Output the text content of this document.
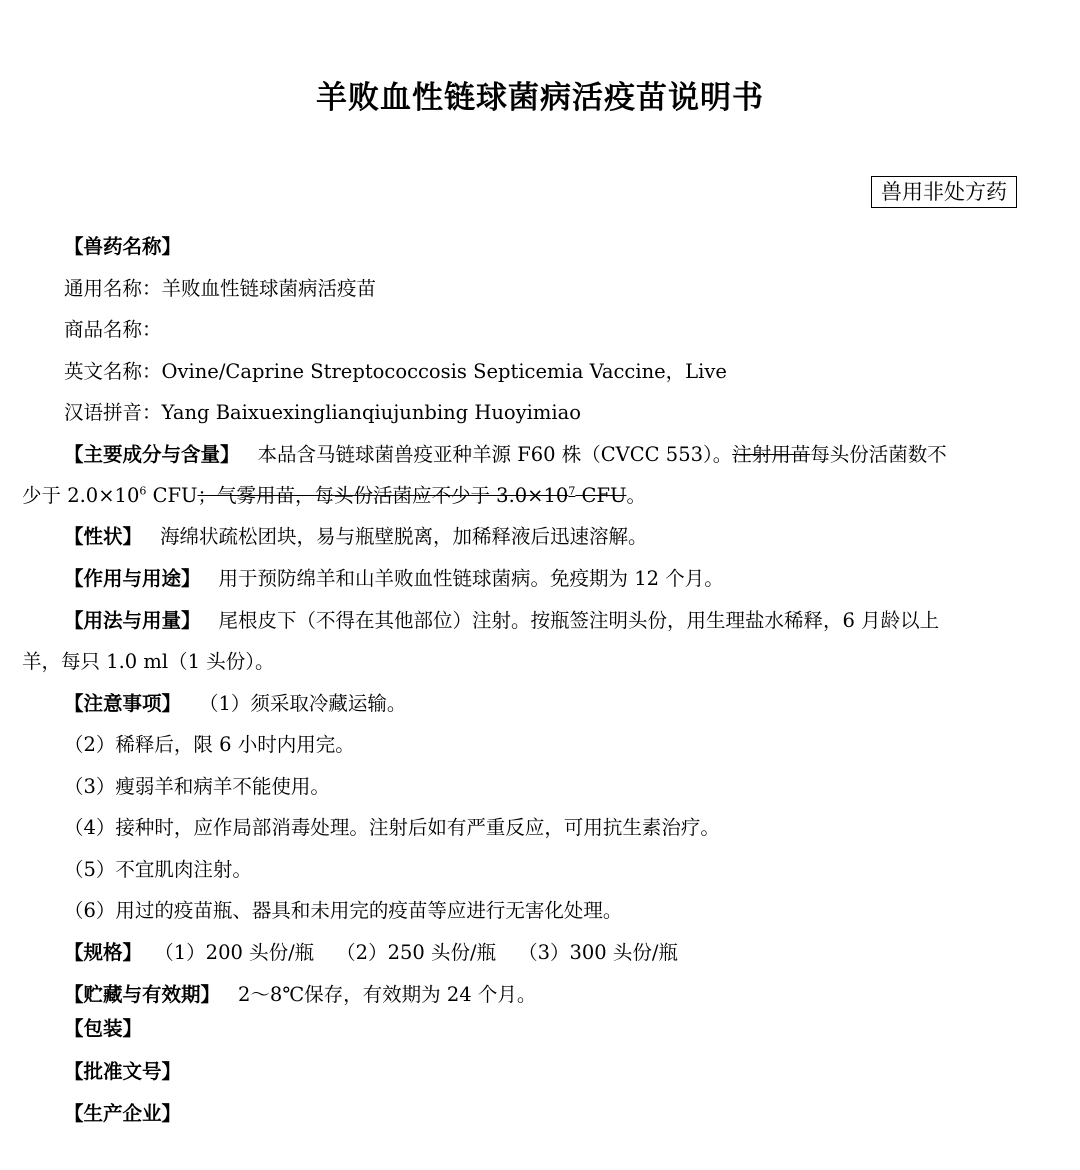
羊败血性链球菌病活疫苗说明书
兽用非处方药
【兽药名称】
通用名称：羊败血性链球菌病活疫苗
商品名称：
英文名称：Ovine/Caprine Streptococcosis Septicemia Vaccine，Live
汉语拼音：Yang Baixuexinglianqiujunbing Huoyimiao
【主要成分与含量】 本品含马链球菌兽疫亚种羊源 F60 株（CVCC 553）。注射用苗每头份活菌数不
少于 $2.0\times 10^6$ CFU；气雾用苗，每头份活菌应不少于 $3.0\times 10^7$ CFU。
【性状】 海绵状疏松团块，易与瓶壁脱离，加稀释液后迅速溶解。
【作用与用途】 用于预防绵羊和山羊败血性链球菌病。免疫期为 12 个月。
【用法与用量】 尾根皮下（不得在其他部位）注射。按瓶签注明头份，用生理盐水稀释，6 月龄以上
羊，每只 1.0 ml（1 头份）。
【注意事项】 （1）须采取冷藏运输。
（2）稀释后，限 6 小时内用完。
（3）瘦弱羊和病羊不能使用。
（4）接种时，应作局部消毒处理。注射后如有严重反应，可用抗生素治疗。
（5）不宜肌肉注射。
（6）用过的疫苗瓶、器具和未用完的疫苗等应进行无害化处理。
【规格】 （1）200 头份/瓶 （2）250 头份/瓶 （3）300 头份/瓶
【贮藏与有效期】 2～8℃保存，有效期为 24 个月。
【包装】
【批准文号】
【生产企业】
